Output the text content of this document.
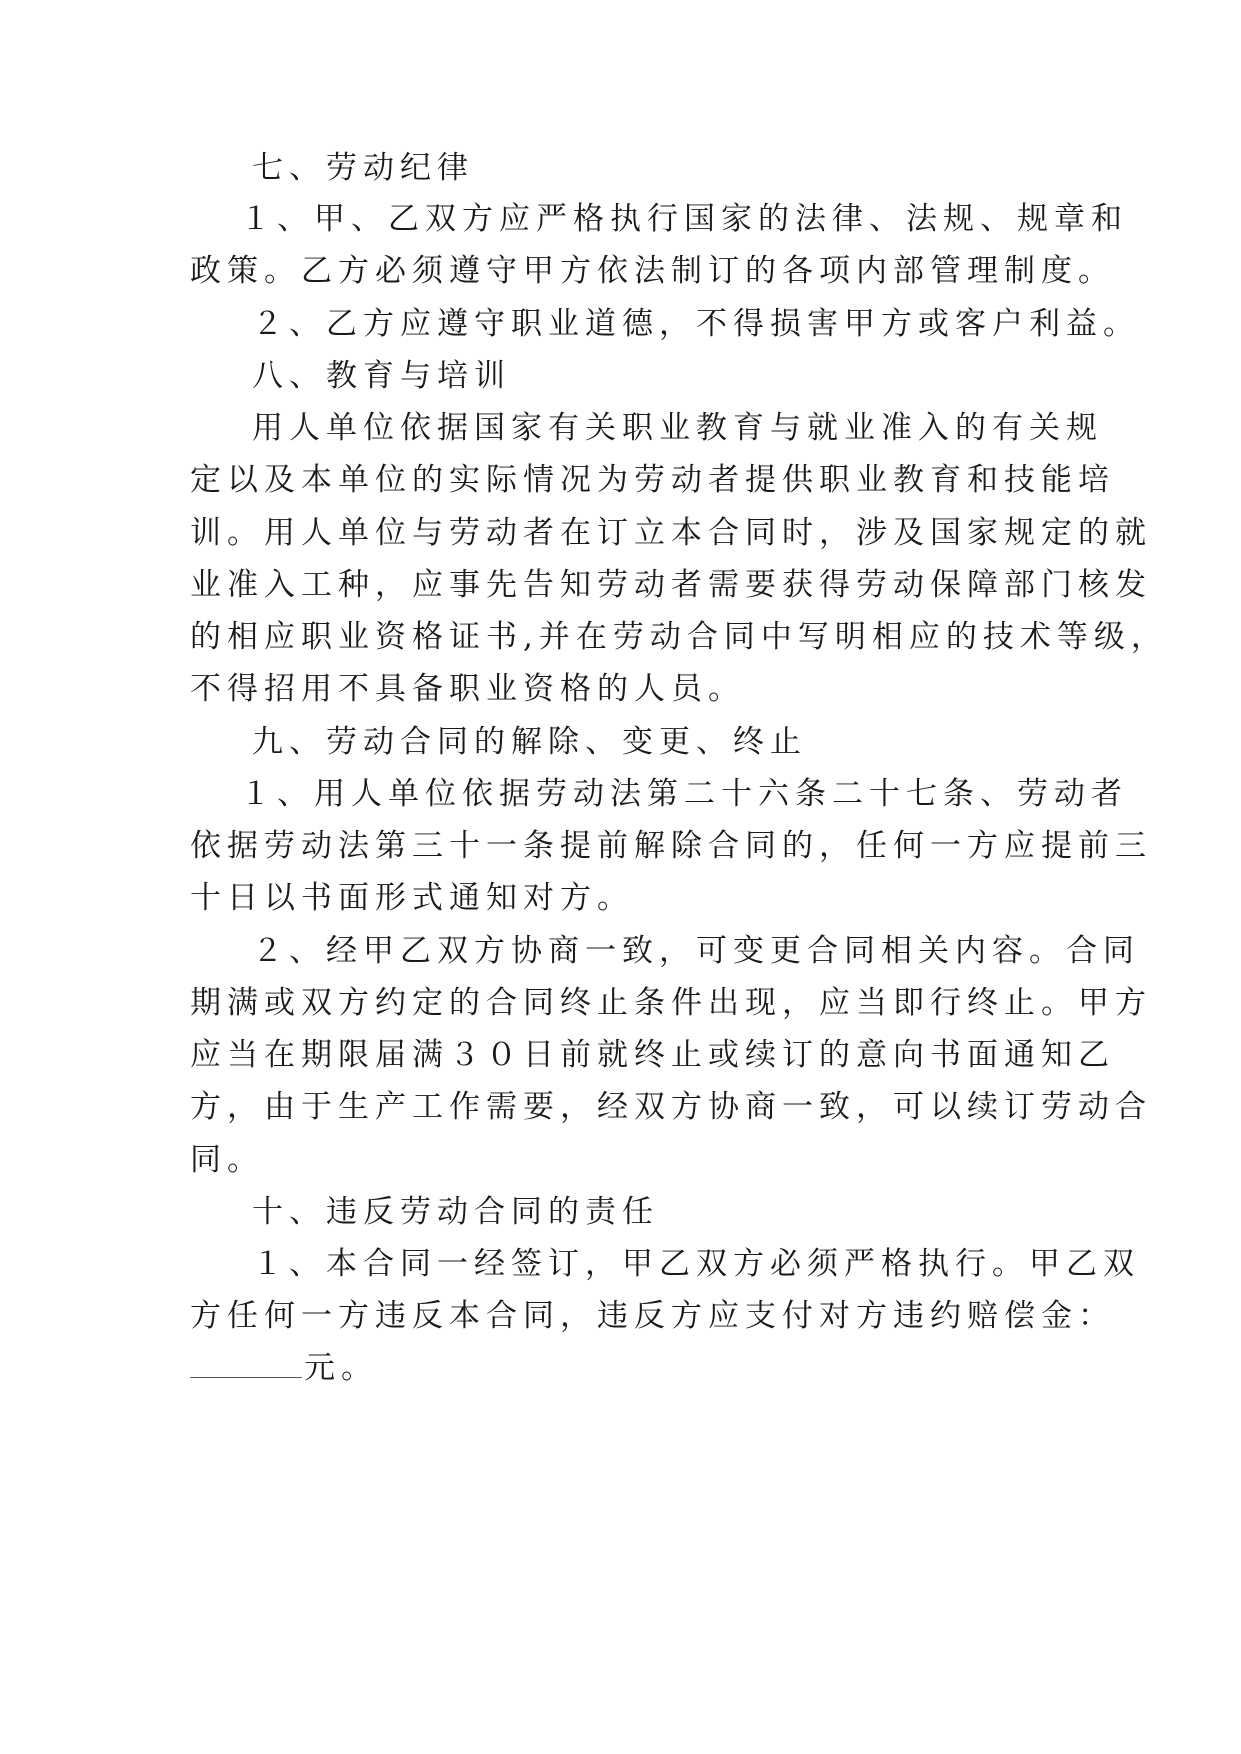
七、劳动纪律
１、甲、乙双方应严格执行国家的法律、法规、规章和
政策。乙方必须遵守甲方依法制订的各项内部管理制度。
２、乙方应遵守职业道德，不得损害甲方或客户利益。
八、教育与培训
用人单位依据国家有关职业教育与就业准入的有关规
定以及本单位的实际情况为劳动者提供职业教育和技能培
训。用人单位与劳动者在订立本合同时，涉及国家规定的就
业准入工种，应事先告知劳动者需要获得劳动保障部门核发
的相应职业资格证书,并在劳动合同中写明相应的技术等级，
不得招用不具备职业资格的人员。
九、劳动合同的解除、变更、终止
１、用人单位依据劳动法第二十六条二十七条、劳动者
依据劳动法第三十一条提前解除合同的，任何一方应提前三
十日以书面形式通知对方。
２、经甲乙双方协商一致，可变更合同相关内容。合同
期满或双方约定的合同终止条件出现，应当即行终止。甲方
应当在期限届满３０日前就终止或续订的意向书面通知乙
方，由于生产工作需要，经双方协商一致，可以续订劳动合
同。
十、违反劳动合同的责任
１、本合同一经签订，甲乙双方必须严格执行。甲乙双
方任何一方违反本合同，违反方应支付对方违约赔偿金：
元。
